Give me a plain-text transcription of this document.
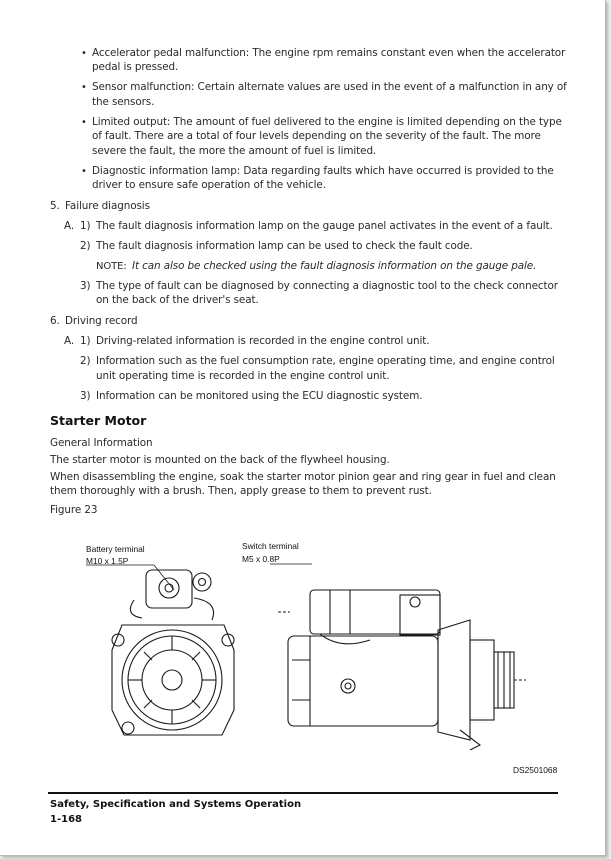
• Accelerator pedal malfunction: The engine rpm remains constant even when the accelerator
pedal is pressed.
• Sensor malfunction: Certain alternate values are used in the event of a malfunction in any of
the sensors.
• Limited output: The amount of fuel delivered to the engine is limited depending on the type
of fault. There are a total of four levels depending on the severity of the fault. The more
severe the fault, the more the amount of fuel is limited.
• Diagnostic information lamp: Data regarding faults which have occurred is provided to the
driver to ensure safe operation of the vehicle.
5. Failure diagnosis
A. 1) The fault diagnosis information lamp on the gauge panel activates in the event of a fault.
2) The fault diagnosis information lamp can be used to check the fault code.
NOTE: It can also be checked using the fault diagnosis information on the gauge pale.
3) The type of fault can be diagnosed by connecting a diagnostic tool to the check connector
on the back of the driver's seat.
6. Driving record
A. 1) Driving-related information is recorded in the engine control unit.
2) Information such as the fuel consumption rate, engine operating time, and engine control
unit operating time is recorded in the engine control unit.
3) Information can be monitored using the ECU diagnostic system.
Starter Motor
General Information
The starter motor is mounted on the back of the flywheel housing.
When disassembling the engine, soak the starter motor pinion gear and ring gear in fuel and clean
them thoroughly with a brush. Then, apply grease to them to prevent rust.
Figure 23
Battery terminal
M10 x 1.5P
Switch terminal
M5 x 0.8P
DS2501068
Safety, Specification and Systems Operation
1-168
